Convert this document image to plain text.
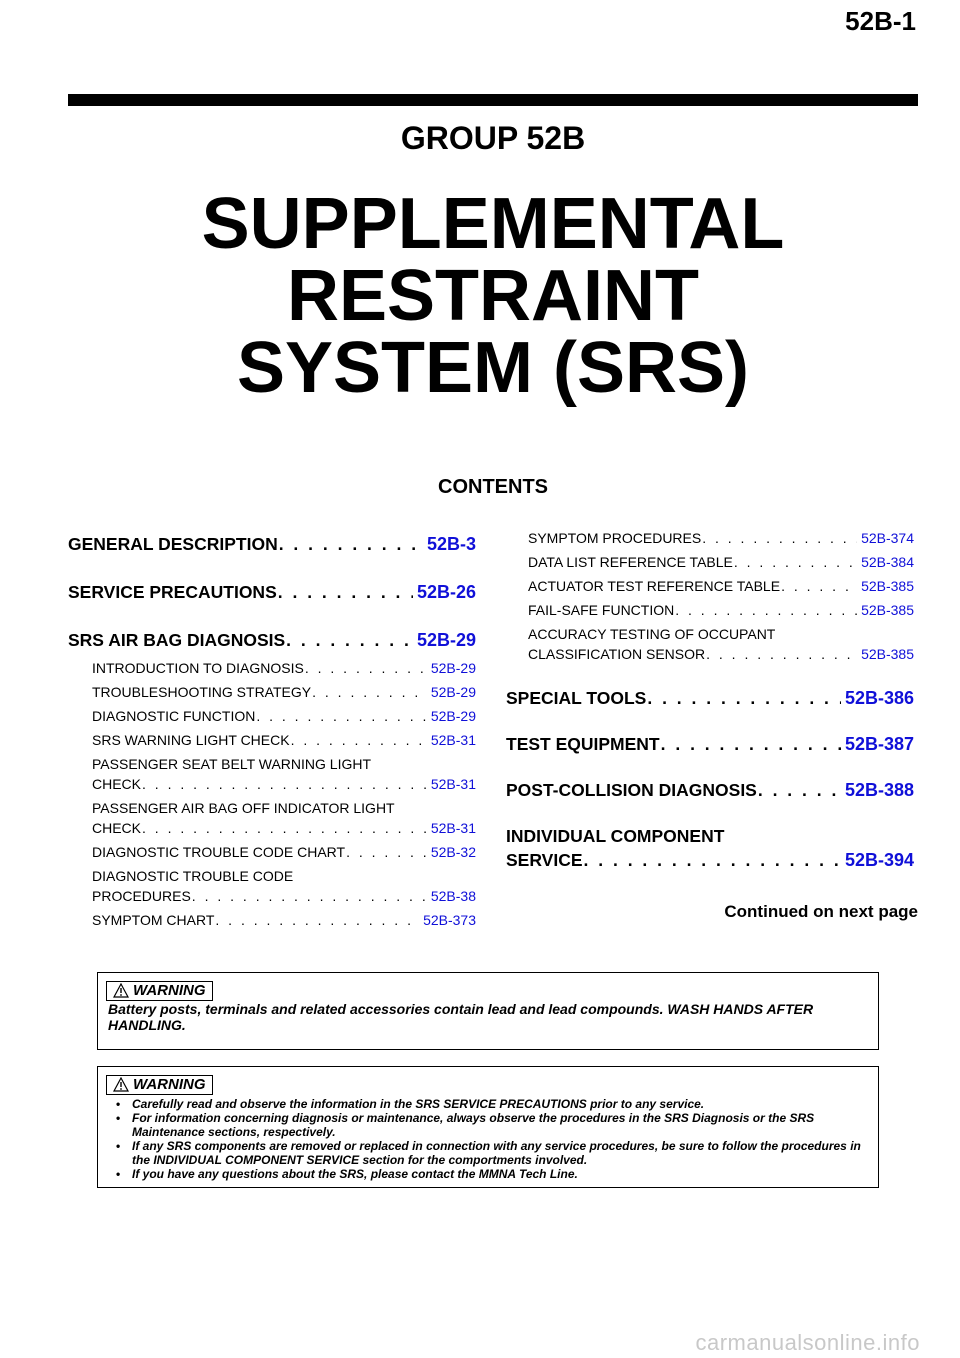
52B-1
GROUP 52B
SUPPLEMENTAL
RESTRAINT
SYSTEM (SRS)
CONTENTS
GENERAL DESCRIPTION . . .	52B-3
SERVICE PRECAUTIONS . . .	52B-26
SRS AIR BAG DIAGNOSIS . . .	52B-29
INTRODUCTION TO DIAGNOSIS . . .	52B-29
TROUBLESHOOTING STRATEGY . . .	52B-29
DIAGNOSTIC FUNCTION . . .	52B-29
SRS WARNING LIGHT CHECK . . .	52B-31
PASSENGER SEAT BELT WARNING LIGHT
CHECK . . .	52B-31
PASSENGER AIR BAG OFF INDICATOR LIGHT
CHECK . . .	52B-31
DIAGNOSTIC TROUBLE CODE CHART . . .	52B-32
DIAGNOSTIC TROUBLE CODE
PROCEDURES . . .	52B-38
SYMPTOM CHART . . .	52B-373
SYMPTOM PROCEDURES . . .	52B-374
DATA LIST REFERENCE TABLE . . .	52B-384
ACTUATOR TEST REFERENCE TABLE . . .	52B-385
FAIL-SAFE FUNCTION . . .	52B-385
ACCURACY TESTING OF OCCUPANT
CLASSIFICATION SENSOR . . .	52B-385
SPECIAL TOOLS . . .	52B-386
TEST EQUIPMENT . . .	52B-387
POST-COLLISION DIAGNOSIS . . .	52B-388
INDIVIDUAL COMPONENT
SERVICE . . .	52B-394
Continued on next page
WARNING
Battery posts, terminals and related accessories contain lead and lead compounds. WASH HANDS AFTER HANDLING.
WARNING
• Carefully read and observe the information in the SRS SERVICE PRECAUTIONS prior to any service.
• For information concerning diagnosis or maintenance, always observe the procedures in the SRS Diagnosis or the SRS Maintenance sections, respectively.
• If any SRS components are removed or replaced in connection with any service procedures, be sure to follow the procedures in the INDIVIDUAL COMPONENT SERVICE section for the comportments involved.
• If you have any questions about the SRS, please contact the MMNA Tech Line.
carmanualsonline.info
